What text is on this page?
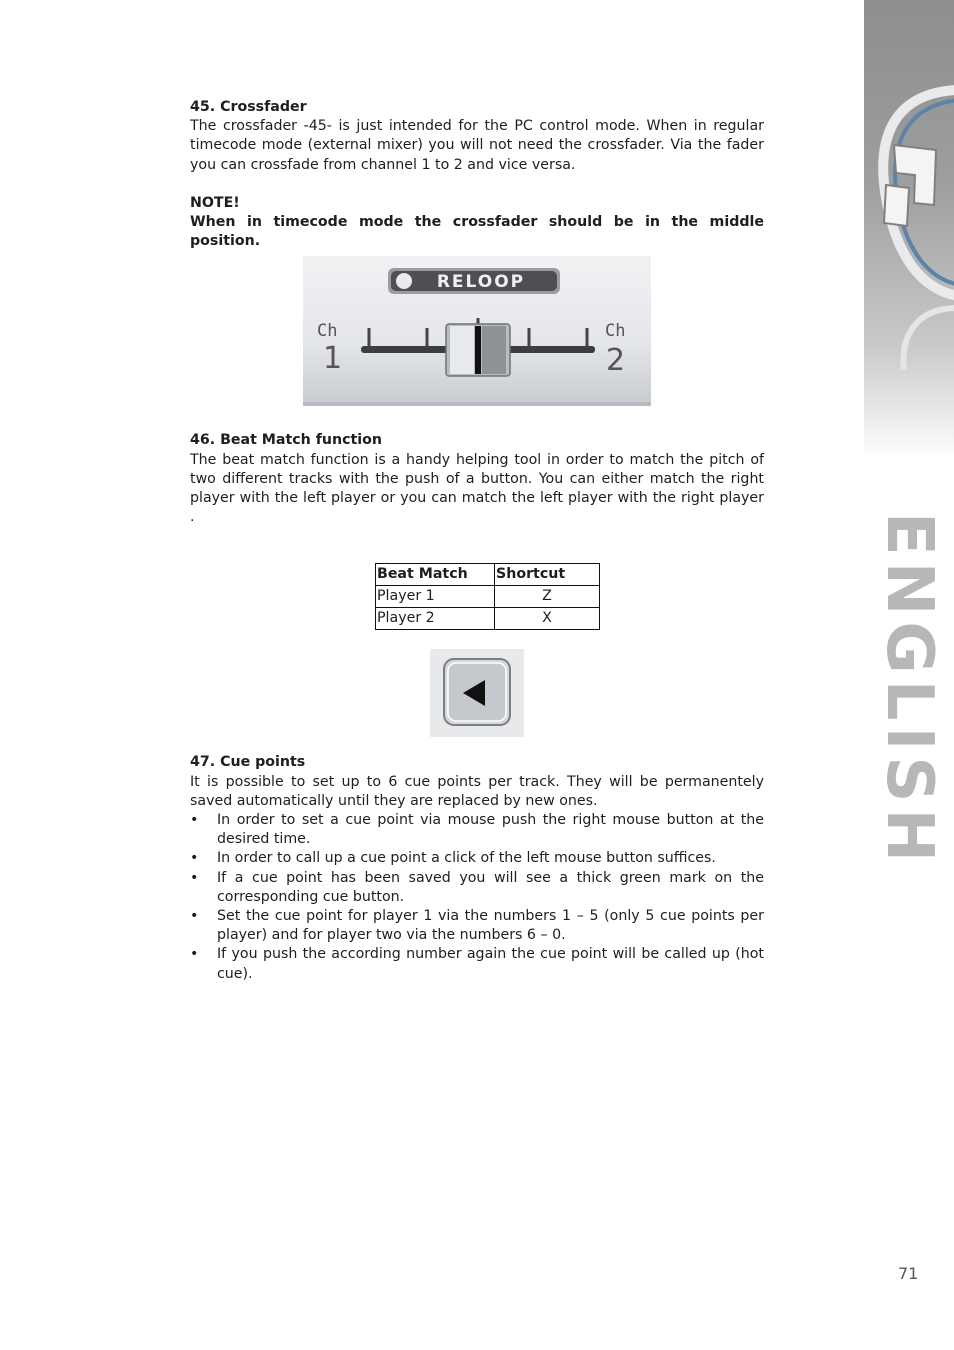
ENGLISH
45. Crossfader

The crossfader -45- is just intended for the PC control mode. When in regular timecode mode (external mixer) you will not need the crossfader. Via the fader you can crossfade from channel 1 to 2 and vice versa.

NOTE!

When in timecode mode the crossfader should be in the middle position.

RELOOP
Ch
1
Ch
2
46. Beat Match function

The beat match function is a handy helping tool in order to match the pitch of two different tracks with the push of a button. You can either match the right player with the left player or you can match the left player with the right player .

Beat Match	Shortcut
Player 1	Z
Player 2	X
47. Cue points

It is possible to set up to 6 cue points per track. They will be permanentely saved automatically until they are replaced by new ones.

• In order to set a cue point via mouse push the right mouse button at the desired time.
• In order to call up a cue point a click of the left mouse button suffices.
• If a cue point has been saved you will see a thick green mark on the corresponding cue button.
• Set the cue point for player 1 via the numbers 1 – 5 (only 5 cue points per player) and for player two via the numbers 6 – 0.
• If you push the according number again the cue point will be called up (hot cue).
71
